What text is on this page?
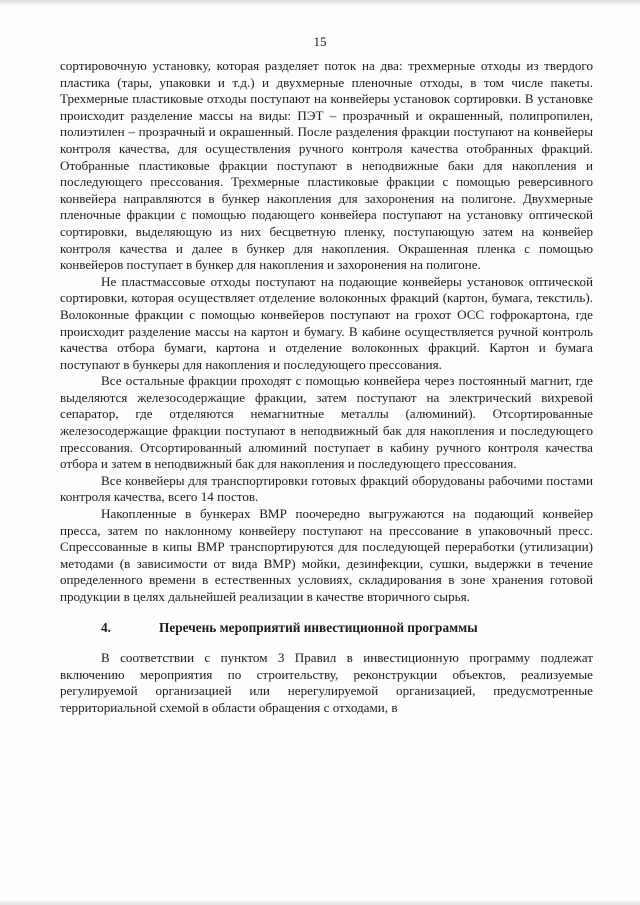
15

сортировочную установку, которая разделяет поток на два: трехмерные отходы из твердого пластика (тары, упаковки и т.д.) и двухмерные пленочные отходы, в том числе пакеты. Трехмерные пластиковые отходы поступают на конвейеры установок сортировки. В установке происходит разделение массы на виды: ПЭТ – прозрачный и окрашенный, полипропилен, полиэтилен – прозрачный и окрашенный. После разделения фракции поступают на конвейеры контроля качества, для осуществления ручного контроля качества отобранных фракций. Отобранные пластиковые фракции поступают в неподвижные баки для накопления и последующего прессования. Трехмерные пластиковые фракции с помощью реверсивного конвейера направляются в бункер накопления для захоронения на полигоне. Двухмерные пленочные фракции с помощью подающего конвейера поступают на установку оптической сортировки, выделяющую из них бесцветную пленку, поступающую затем на конвейер контроля качества и далее в бункер для накопления. Окрашенная пленка с помощью конвейеров поступает в бункер для накопления и захоронения на полигоне.

Не пластмассовые отходы поступают на подающие конвейеры установок оптической сортировки, которая осуществляет отделение волоконных фракций (картон, бумага, текстиль). Волоконные фракции с помощью конвейеров поступают на грохот ОСС гофрокартона, где происходит разделение массы на картон и бумагу. В кабине осуществляется ручной контроль качества отбора бумаги, картона и отделение волоконных фракций. Картон и бумага поступают в бункеры для накопления и последующего прессования.

Все остальные фракции проходят с помощью конвейера через постоянный магнит, где выделяются железосодержащие фракции, затем поступают на электрический вихревой сепаратор, где отделяются немагнитные металлы (алюминий). Отсортированные железосодержащие фракции поступают в неподвижный бак для накопления и последующего прессования. Отсортированный алюминий поступает в кабину ручного контроля качества отбора и затем в неподвижный бак для накопления и последующего прессования.

Все конвейеры для транспортировки готовых фракций оборудованы рабочими постами контроля качества, всего 14 постов.

Накопленные в бункерах ВМР поочередно выгружаются на подающий конвейер пресса, затем по наклонному конвейеру поступают на прессование в упаковочный пресс. Спрессованные в кипы ВМР транспортируются для последующей переработки (утилизации) методами (в зависимости от вида ВМР) мойки, дезинфекции, сушки, выдержки в течение определенного времени в естественных условиях, складирования в зоне хранения готовой продукции в целях дальнейшей реализации в качестве вторичного сырья.

4.	Перечень мероприятий инвестиционной программы

В соответствии с пунктом 3 Правил в инвестиционную программу подлежат включению мероприятия по строительству, реконструкции объектов, реализуемые регулируемой организацией или нерегулируемой организацией, предусмотренные территориальной схемой в области обращения с отходами, в
